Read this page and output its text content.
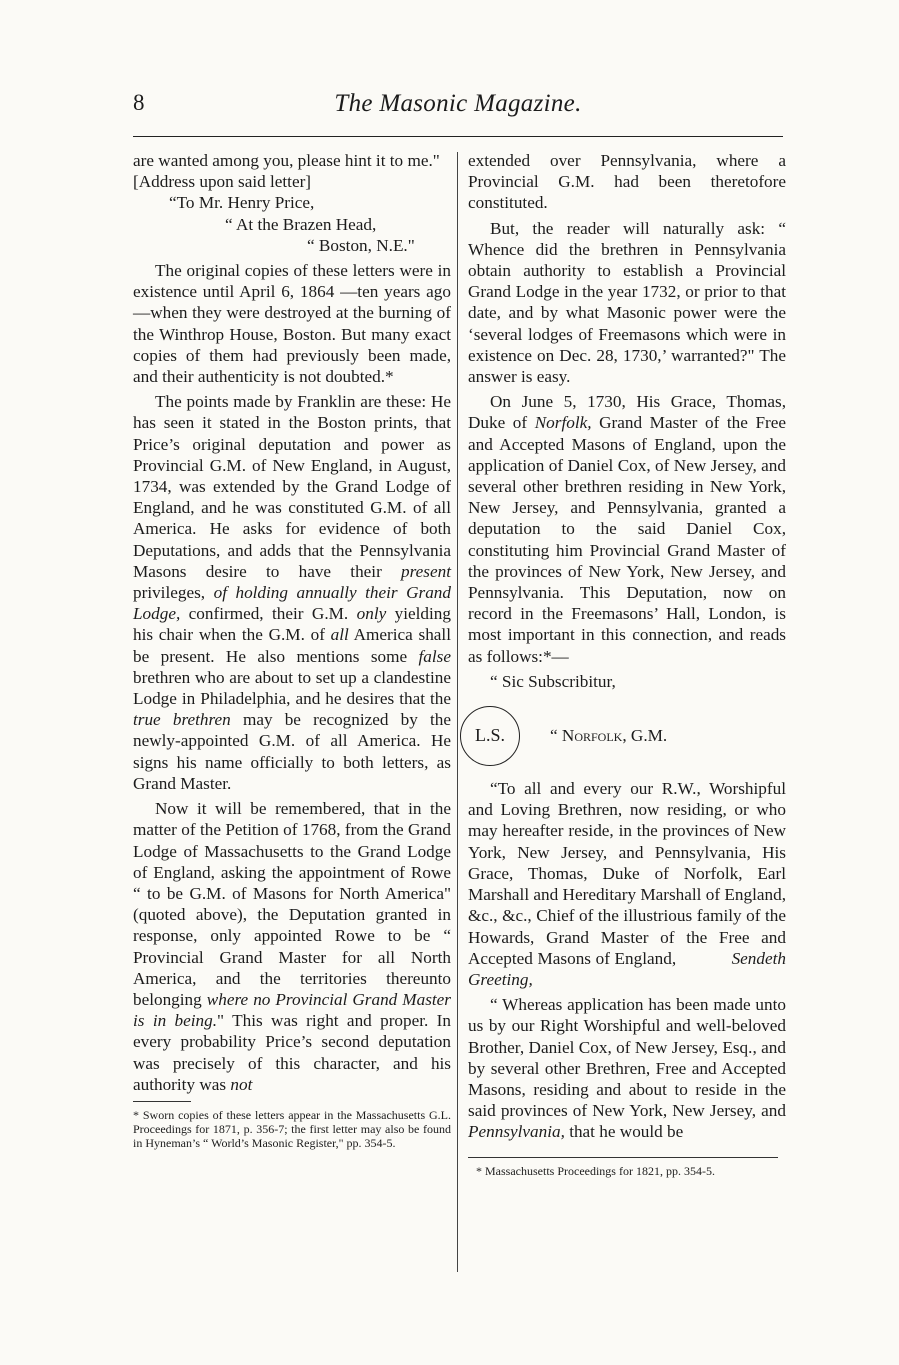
8	The Masonic Magazine.

are wanted among you, please hint it to me."

[Address upon said letter]

“To Mr. Henry Price,

“ At the Brazen Head,

“ Boston, N.E."

The original copies of these letters were in existence until April 6, 1864 —ten years ago—when they were destroyed at the burning of the Winthrop House, Boston. But many exact copies of them had previously been made, and their authenticity is not doubted.*

The points made by Franklin are these: He has seen it stated in the Boston prints, that Price’s original deputation and power as Provincial G.M. of New England, in August, 1734, was extended by the Grand Lodge of England, and he was constituted G.M. of all America. He asks for evidence of both Deputations, and adds that the Pennsylvania Masons desire to have their present privileges, of holding annually their Grand Lodge, confirmed, their G.M. only yielding his chair when the G.M. of all America shall be present. He also mentions some false brethren who are about to set up a clandestine Lodge in Philadelphia, and he desires that the true brethren may be recognized by the newly-appointed G.M. of all America. He signs his name officially to both letters, as Grand Master.

Now it will be remembered, that in the matter of the Petition of 1768, from the Grand Lodge of Massachusetts to the Grand Lodge of England, asking the appointment of Rowe “ to be G.M. of Masons for North America" (quoted above), the Deputation granted in response, only appointed Rowe to be “ Provincial Grand Master for all North America, and the territories thereunto belonging where no Provincial Grand Master is in being." This was right and proper. In every probability Price’s second deputation was precisely of this character, and his authority was not

* Sworn copies of these letters appear in the Massachusetts G.L. Proceedings for 1871, p. 356-7; the first letter may also be found in Hyneman’s “ World’s Masonic Register," pp. 354-5.

extended over Pennsylvania, where a Provincial G.M. had been theretofore constituted.

But, the reader will naturally ask: “ Whence did the brethren in Pennsylvania obtain authority to establish a Provincial Grand Lodge in the year 1732, or prior to that date, and by what Masonic power were the ‘several lodges of Freemasons which were in existence on Dec. 28, 1730,’ warranted?" The answer is easy.

On June 5, 1730, His Grace, Thomas, Duke of Norfolk, Grand Master of the Free and Accepted Masons of England, upon the application of Daniel Cox, of New Jersey, and several other brethren residing in New York, New Jersey, and Pennsylvania, granted a deputation to the said Daniel Cox, constituting him Provincial Grand Master of the provinces of New York, New Jersey, and Pennsylvania. This Deputation, now on record in the Freemasons’ Hall, London, is most important in this connection, and reads as follows:*—

“ Sic Subscribitur,

L.S.	“ Norfolk, G.M.

“To all and every our R.W., Worshipful and Loving Brethren, now residing, or who may hereafter reside, in the provinces of New York, New Jersey, and Pennsylvania, His Grace, Thomas, Duke of Norfolk, Earl Marshall and Hereditary Marshall of England, &c., &c., Chief of the illustrious family of the Howards, Grand Master of the Free and Accepted Masons of England,	Sendeth Greeting,

“ Whereas application has been made unto us by our Right Worshipful and well-beloved Brother, Daniel Cox, of New Jersey, Esq., and by several other Brethren, Free and Accepted Masons, residing and about to reside in the said provinces of New York, New Jersey, and Pennsylvania, that he would be

* Massachusetts Proceedings for 1821, pp. 354-5.
